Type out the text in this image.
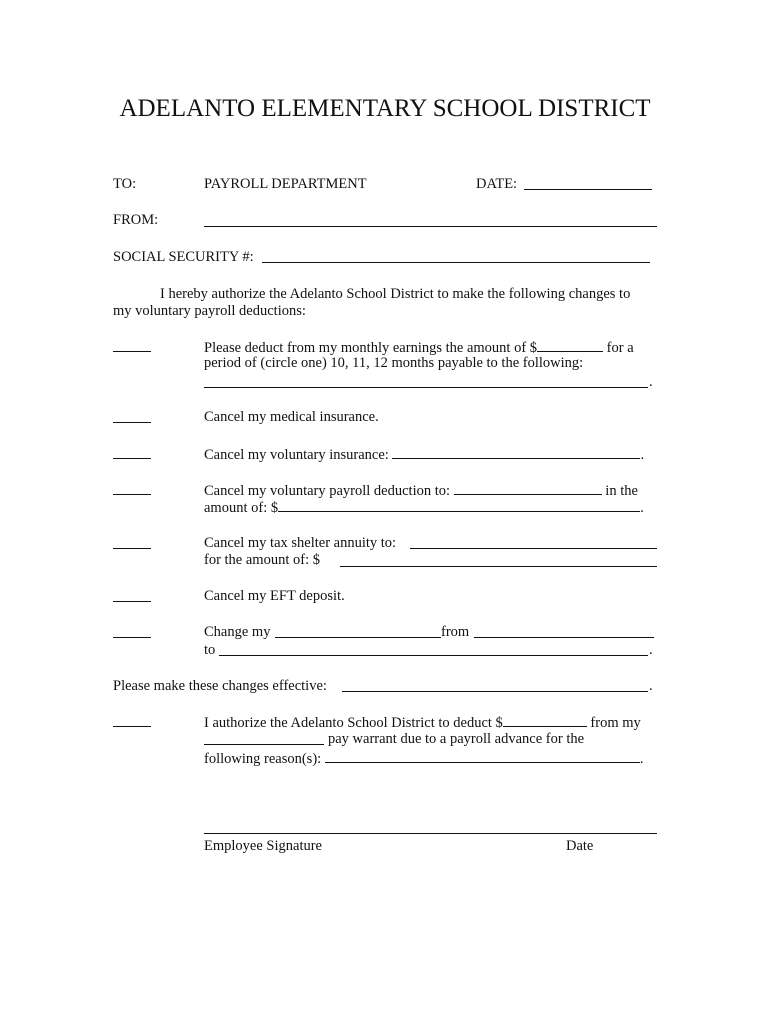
ADELANTO ELEMENTARY SCHOOL DISTRICT
TO:	PAYROLL DEPARTMENT	DATE:
FROM:
SOCIAL SECURITY #:
I hereby authorize the Adelanto School District to make the following changes to
my voluntary payroll deductions:
Please deduct from my monthly earnings the amount of $	for a
period of (circle one) 10, 11, 12 months payable to the following:
.
Cancel my medical insurance.
Cancel my voluntary insurance:	.
Cancel my voluntary payroll deduction to:	in the
amount of: $	.
Cancel my tax shelter annuity to:
for the amount of: $
Cancel my EFT deposit.
Change my	from
to	.
Please make these changes effective:	.
I authorize the Adelanto School District to deduct $	from my
pay warrant due to a payroll advance for the
following reason(s):	.
Employee Signature	Date
